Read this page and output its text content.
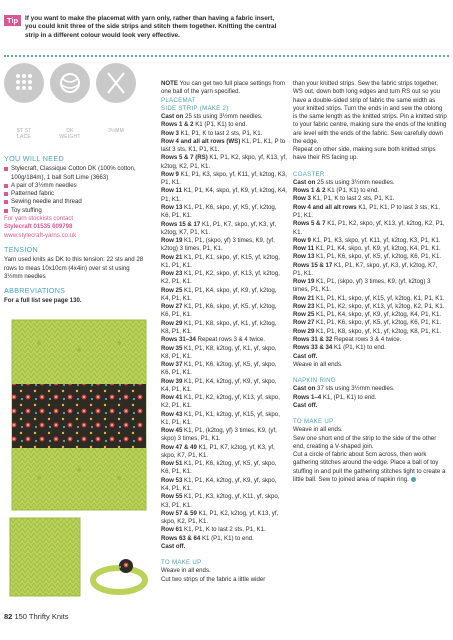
Tip	If you want to make the placemat with yarn only, rather than having a fabric insert,
you could knit three of the side strips and stitch them together. Knitting the central
strip in a different colour would look very effective.
ST ST
LACE
DK
WEIGHT
3½MM
YOU WILL NEED
Stylecraft, Classique Cotton DK (100% cotton, 100g/184m), 1 ball Soft Lime (3663)
A pair of 3½mm needles
Patterned fabric
Sewing needle and thread
Toy stuffing
For yarn stockists contact
Stylecraft 01535 609798
www.stylecraft-yarns.co.uk
TENSION
Yarn used knits as DK to this tension: 22 sts and 28 rows to meas 10x10cm (4x4in) over st st using 3½mm needles
ABBREVIATIONS
For a full list see page 130.

NOTE You can get two full place settings from one ball of the yarn specified.

PLACEMAT

SIDE STRIP (MAKE 2)

Cast on 25 sts using 3½mm needles.

Rows 1 & 2 K1 (P1, K1) to end.

Row 3 K1, P1, K to last 2 sts, P1, K1.

Row 4 and all alt rows (WS) K1, P1, K1, P to last 3 sts, K1, P1, K1.

Rows 5 & 7 (RS) K1, P1, K2, skpo, yf, K13, yf, k2tog, K2, P1, K1.

Row 9 K1, P1, K3, skpo, yf, K11, yf, k2tog, K3, P1, K1.

Row 11 K1, P1, K4, skpo, yf, K9, yf, k2tog, K4, P1, K1.

Row 13 K1, P1, K6, skpo, yf, K5, yf, k2tog, K6, P1, K1.

Rows 15 & 17 K1, P1, K7, skpo, yf, K3, yf, k2tog, K7, P1, K1.

Row 19 K1, P1, (skpo, yf) 3 times, K9, (yf, k2tog) 3 times, P1, K1.

Row 21 K1, P1, K1, skpo, yf, K15, yf, k2tog, K1, P1, K1.

Row 23 K1, P1, K2, skpo, yf, K13, yf, k2tog, K2, P1, K1.

Row 25 K1, P1, K4, skpo, yf, K9, yf, k2tog, K4, P1, K1.

Row 27 K1, P1, K6, skpo, yf, K5, yf, k2tog, K6, P1, K1.

Row 29 K1, P1, K8, skpo, yf, K1, yf, k2tog, K8, P1, K1.

Rows 31–34 Repeat rows 3 & 4 twice.

Row 35 K1, P1, K8, k2tog, yf, K1, yf, skpo, K8, P1, K1.

Row 37 K1, P1, K6, k2tog, yf, K5, yf, skpo, K6, P1, K1.

Row 39 K1, P1, K4, k2tog, yf, K9, yf, skpo, K4, P1, K1.

Row 41 K1, P1, K2, k2tog, yf, K13, yf, skpo, K2, P1, K1.

Row 43 K1, P1, K1, k2tog, yf, K15, yf, skpo, K1, P1, K1.

Row 45 K1, P1, (k2tog, yf) 3 times, K9, (yf, skpo) 3 times, P1, K1.

Row 47 & 49 K1, P1, K7, k2tog, yf, K3, yf, skpo, K7, P1, K1.

Row 51 K1, P1, K6, k2tog, yf, K5, yf, skpo, K6, P1, K1.

Row 53 K1, P1, K4, k2tog, yf, K9, yf, skpo, K4, P1, K1.

Row 55 K1, P1, K3, k2tog, yf, K11, yf, skpo, K3, P1, K1.

Row 57 & 59 K1, P1, K2, k2tog, yf, K13, yf, skpo, K2, P1, K1.

Row 61 K1, P1, K to last 2 sts, P1, K1.

Rows 63 & 64 K1 (P1, K1) to end.

Cast off.

TO MAKE UP

Weave in all ends.

Cut two strips of the fabric a little wider

than your knitted strips. Sew the fabric strips together, WS out, down both long edges and turn RS out so you have a double-sided strip of fabric the same width as your knitted strips. Turn the ends in and sew the oblong is the same length as the knitted strips. Pin a knitted strip to your fabric centre, making sure the ends of the knitting are level with the ends of the fabric. Sew carefully down the edge.

Repeat on other side, making sure both knitted strips have their RS facing up.

COASTER

Cast on 25 sts using 3½mm needles.

Rows 1 & 2 K1 (P1, K1) to end.

Row 3 K1, P1, K to last 2 sts, P1, K1.

Row 4 and all alt rows K1, P1, K1, P to last 3 sts, K1, P1, K1.

Rows 5 & 7 K1, P1, K2, skpo, yf, K13, yf, k2tog, K2, P1, K1.

Row 9 K1, P1, K3, skpo, yf, K11, yf, k2tog, K3, P1, K1.

Row 11 K1, P1, K4, skpo, yf, K9, yf, k2tog, K4, P1, K1.

Row 13 K1, P1, K6, skpo, yf, K5, yf, k2tog, K6, P1, K1.

Rows 15 & 17 K1, P1, K7, skpo, yf, K3, yf, k2tog, K7, P1, K1.

Row 19 K1, P1, (skpo, yf) 3 times, K9, (yf, k2tog) 3 times, P1, K1.

Row 21 K1, P1, K1, skpo, yf, K15, yf, k2tog, K1, P1, K1.

Row 23 K1, P1, K2, skpo, yf, K13, yf, k2tog, K2, P1, K1.

Row 25 K1, P1, K4, skpo, yf, K9, yf, k2tog, K4, P1, K1.

Row 27 K1, P1, K6, skpo, yf, K5, yf, k2tog, K6, P1, K1.

Row 29 K1, P1, K8, skpo, yf, K1, yf, k2tog, K8, P1, K1.

Rows 31 & 32 Repeat rows 3 & 4 twice.

Rows 33 & 34 K1 (P1, K1) to end.

Cast off.

Weave in all ends.

NAPKIN RING

Cast on 37 sts using 3½mm needles.

Rows 1–4 K1, (P1, K1) to end.

Cast off.

TO MAKE UP

Weave in all ends.

Sew one short end of the strip to the side of the other end, creating a V-shaped join.

Cut a circle of fabric about 5cm across, then work gathering stitches around the edge. Place a ball of toy stuffing in and pull the gathering stitches tight to create a little ball. Sew to joined area of napkin ring.

82 150 Thrifty Knits
